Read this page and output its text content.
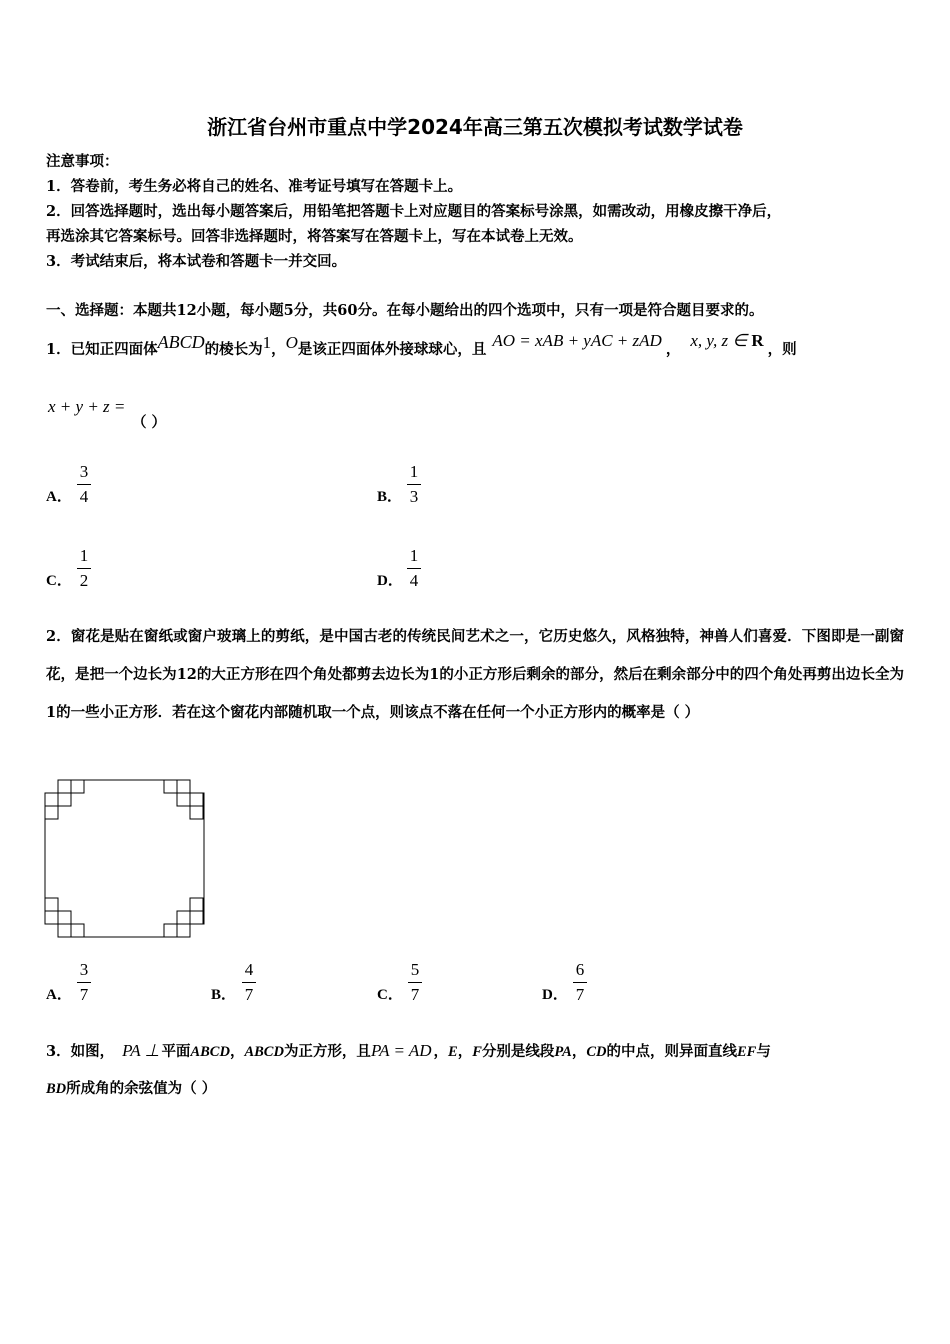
浙江省台州市重点中学2024年高三第五次模拟考试数学试卷
注意事项：
1．答卷前，考生务必将自己的姓名、准考证号填写在答题卡上。
2．回答选择题时，选出每小题答案后，用铅笔把答题卡上对应题目的答案标号涂黑，如需改动，用橡皮擦干净后，
再选涂其它答案标号。回答非选择题时，将答案写在答题卡上，写在本试卷上无效。
3．考试结束后，将本试卷和答题卡一并交回。
一、选择题：本题共12小题，每小题5分，共60分。在每小题给出的四个选项中，只有一项是符合题目要求的。
1．已知正四面体ABCD的棱长为1，O是该正四面体外接球球心，且 AO = xAB + yAC + zAD ， x, y, z ∈ R ，则
x + y + z =
（ ）
A． $\frac{3}{4}$	B． $\frac{1}{3}$
C． $\frac{1}{2}$	D． $\frac{1}{4}$
2．窗花是贴在窗纸或窗户玻璃上的剪纸，是中国古老的传统民间艺术之一，它历史悠久，风格独特，神兽人们喜爱．下图即是一副窗花，是把一个边长为12的大正方形在四个角处都剪去边长为1的小正方形后剩余的部分，然后在剩余部分中的四个角处再剪出边长全为1的一些小正方形．若在这个窗花内部随机取一个点，则该点不落在任何一个小正方形内的概率是（ ）
A． $\frac{3}{7}$	B． $\frac{4}{7}$	C． $\frac{5}{7}$	D． $\frac{6}{7}$
3．如图， PA ⊥ 平面ABCD，ABCD为正方形，且PA = AD ，E，F分别是线段PA，CD的中点，则异面直线EF与
BD所成角的余弦值为（ ）
